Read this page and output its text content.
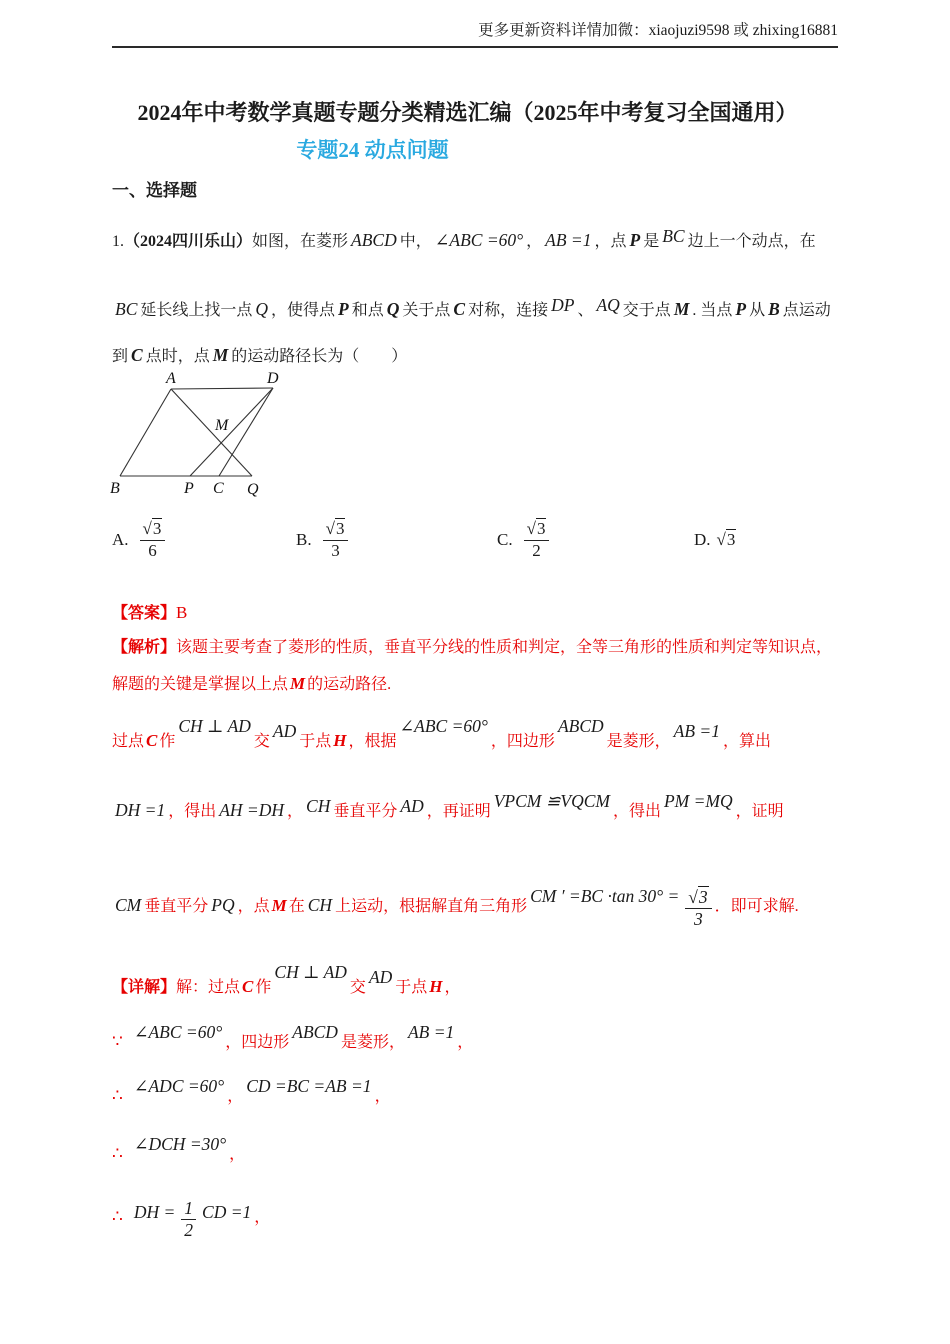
更多更新资料详情加微：xiaojuzi9598 或 zhixing16881
2024年中考数学真题专题分类精选汇编（2025年中考复习全国通用）
专题24 动点问题
一、选择题
1.（2024四川乐山）如图，在菱形 ABCD 中， ∠ABC =60° ， AB =1 ，点 P 是 BC 边上一个动点，在
BC 延长线上找一点 Q ，使得点 P 和点 Q 关于点 C 对称，连接 DP 、 AQ 交于点 M . 当点 P 从 B 点运动
到 C 点时，点 M 的运动路径长为（　　）
A	D
M
B	P C Q
A. $\frac{√3}{6}$	B. $\frac{√3}{3}$	C. $\frac{√3}{2}$	D. √3
【答案】B
【解析】该题主要考查了菱形的性质，垂直平分线的性质和判定，全等三角形的性质和判定等知识点，
解题的关键是掌握以上点 M 的运动路径.
过点 C 作CH ⊥ AD交AD于点 H ，根据∠ABC =60°，四边形ABCD是菱形，AB =1，算出
DH =1 ，得出 AH =DH ， CH 垂直平分 AD ，再证明VPCM ≌VQCM，得出PM =MQ，证明
CM 垂直平分 PQ ，点 M 在 CH 上运动，根据解直角三角形CM ′ =BC ·tan $30^\circ = \frac{√3}{3}$ ．即可求解.
【详解】解：过点 C 作CH ⊥ AD交AD于点 H ，
∵ ∠ABC =60°，四边形ABCD是菱形，AB =1，
∴ ∠ADC =60°，CD =BC =AB =1，
∴ ∠DCH =30°，
∴ DH = $\frac{1}{2}$ CD =1 ，
